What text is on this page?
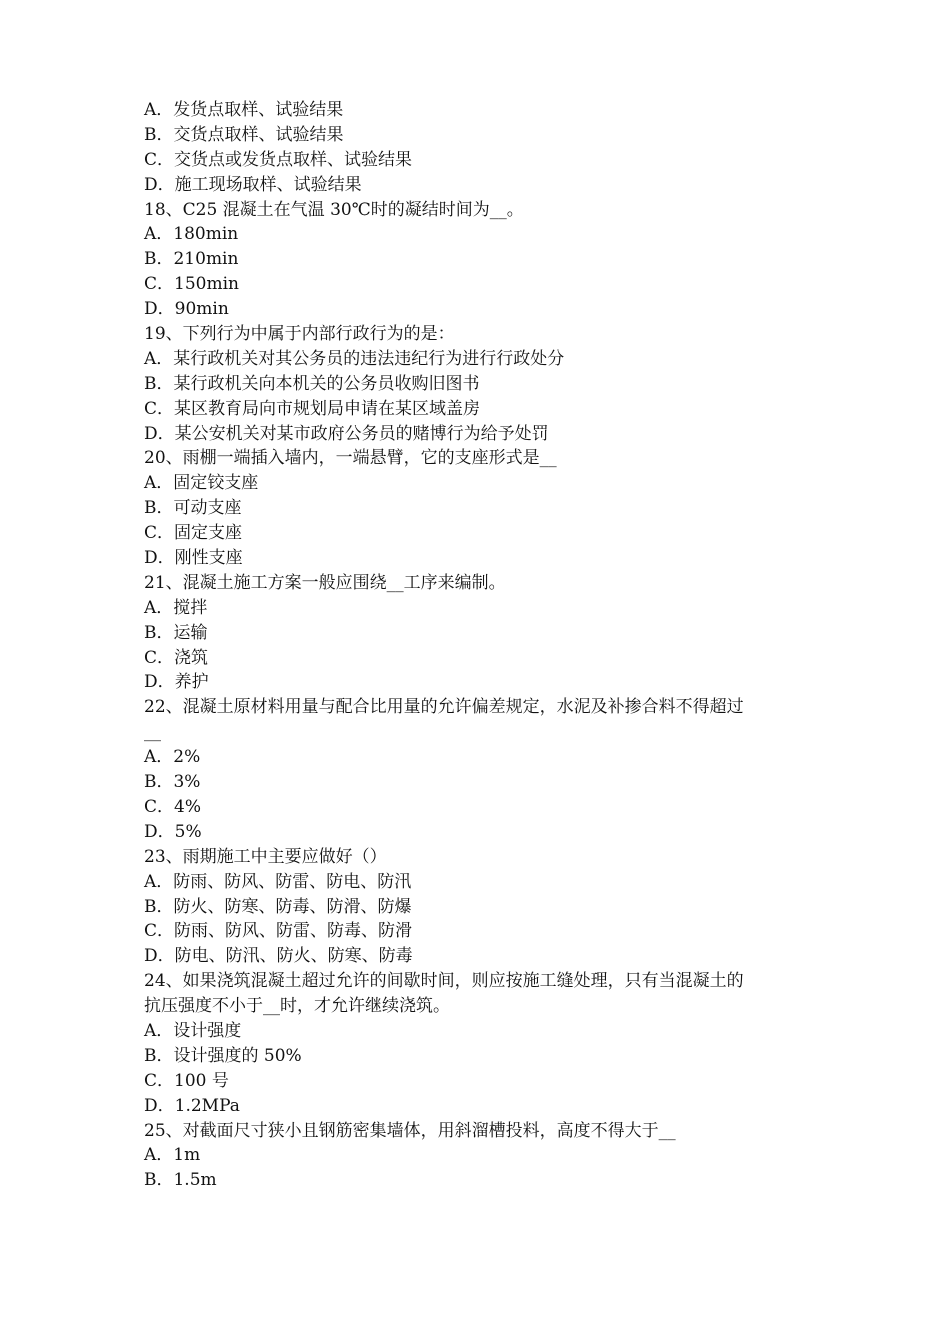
A．发货点取样、试验结果
B．交货点取样、试验结果
C．交货点或发货点取样、试验结果
D．施工现场取样、试验结果
18、C25 混凝土在气温 30℃时的凝结时间为__。
A．180min
B．210min
C．150min
D．90min
19、下列行为中属于内部行政行为的是：
A．某行政机关对其公务员的违法违纪行为进行行政处分
B．某行政机关向本机关的公务员收购旧图书
C．某区教育局向市规划局申请在某区域盖房
D．某公安机关对某市政府公务员的赌博行为给予处罚
20、雨棚一端插入墙内，一端悬臂，它的支座形式是__
A．固定铰支座
B．可动支座
C．固定支座
D．刚性支座
21、混凝土施工方案一般应围绕__工序来编制。
A．搅拌
B．运输
C．浇筑
D．养护
22、混凝土原材料用量与配合比用量的允许偏差规定，水泥及补掺合料不得超过
__
A．2%
B．3%
C．4%
D．5%
23、雨期施工中主要应做好（）
A．防雨、防风、防雷、防电、防汛
B．防火、防寒、防毒、防滑、防爆
C．防雨、防风、防雷、防毒、防滑
D．防电、防汛、防火、防寒、防毒
24、如果浇筑混凝土超过允许的间歇时间，则应按施工缝处理，只有当混凝土的
抗压强度不小于__时，才允许继续浇筑。
A．设计强度
B．设计强度的 50%
C．100 号
D．1.2MPa
25、对截面尺寸狭小且钢筋密集墙体，用斜溜槽投料，高度不得大于__
A．1m
B．1.5m
